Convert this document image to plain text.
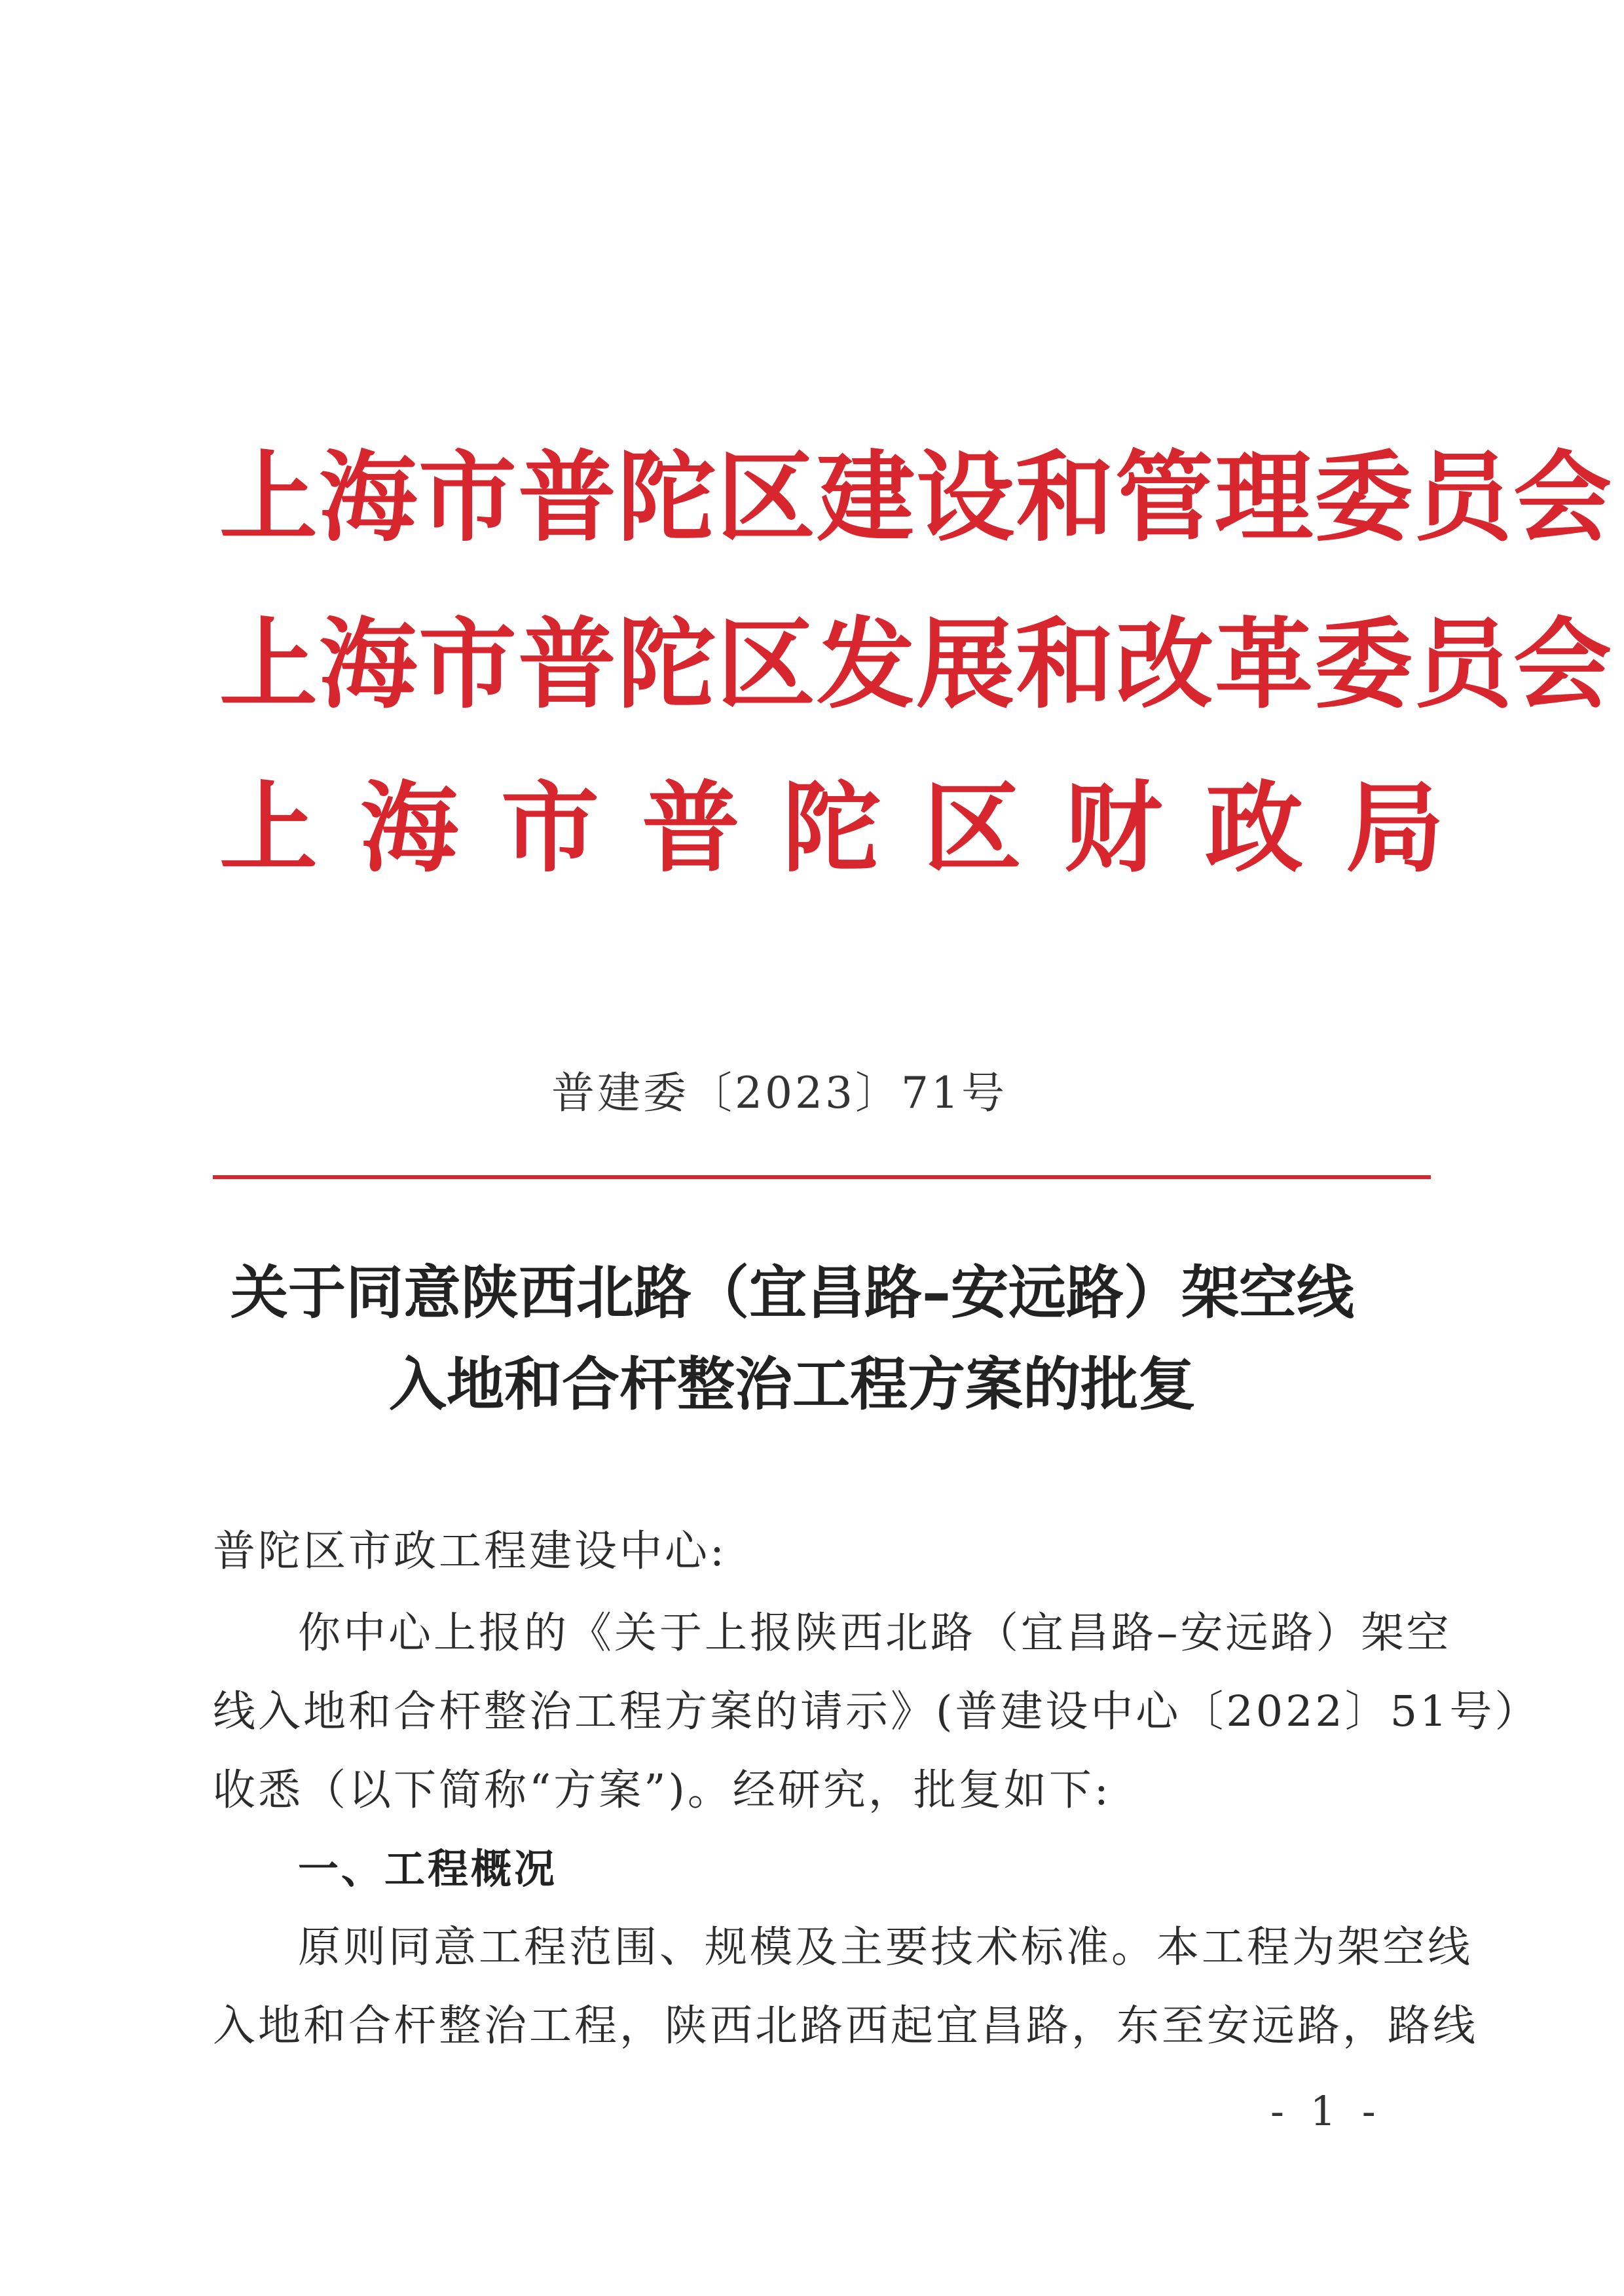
上海市普陀区建设和管理委员会
上海市普陀区发展和改革委员会
上海市普陀区财政局
普建委〔2023〕71号
关于同意陕西北路（宜昌路–安远路）架空线
入地和合杆整治工程方案的批复
普陀区市政工程建设中心:
你中心上报的《关于上报陕西北路（宜昌路–安远路）架空
线入地和合杆整治工程方案的请示》(普建设中心〔2022〕51号）
收悉（以下简称“方案”)。经研究，批复如下:
一、工程概况
原则同意工程范围、规模及主要技术标准。本工程为架空线
入地和合杆整治工程，陕西北路西起宜昌路，东至安远路，路线
- 1 -
